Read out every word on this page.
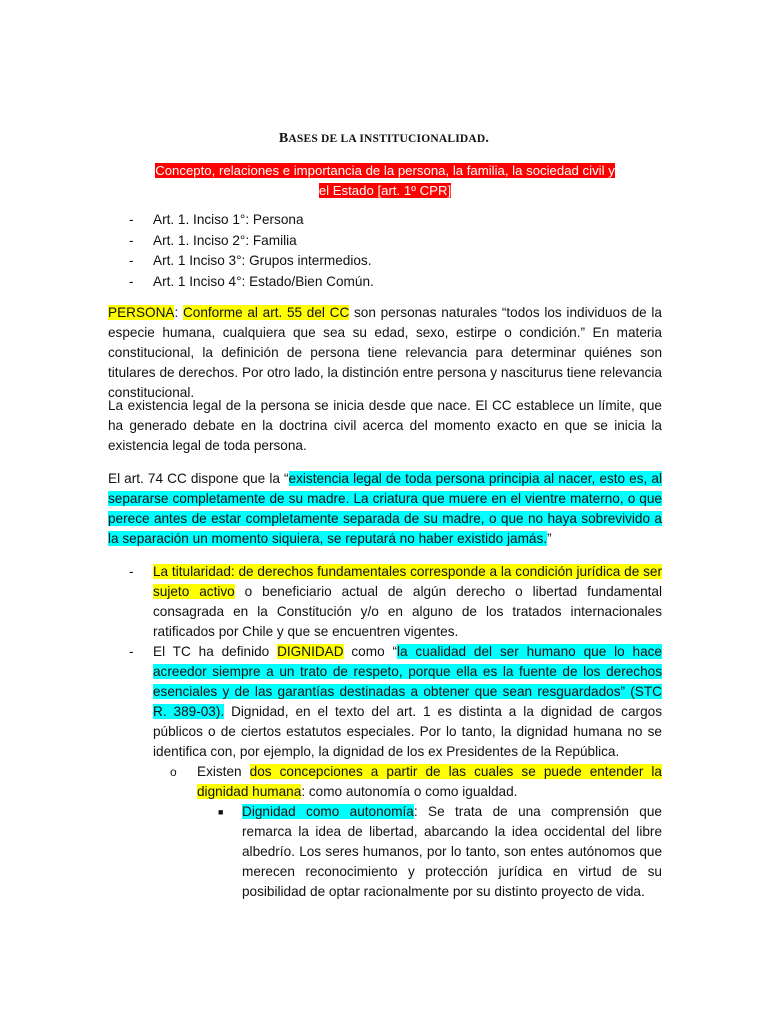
BASES DE LA INSTITUCIONALIDAD.
Concepto, relaciones e importancia de la persona, la familia, la sociedad civil y el Estado [art. 1º CPR]
- Art. 1. Inciso 1°: Persona
- Art. 1. Inciso 2°: Familia
- Art. 1 Inciso 3°: Grupos intermedios.
- Art. 1 Inciso 4°: Estado/Bien Común.
PERSONA: Conforme al art. 55 del CC son personas naturales “todos los individuos de la especie humana, cualquiera que sea su edad, sexo, estirpe o condición.” En materia constitucional, la definición de persona tiene relevancia para determinar quiénes son titulares de derechos. Por otro lado, la distinción entre persona y nasciturus tiene relevancia constitucional.
La existencia legal de la persona se inicia desde que nace. El CC establece un límite, que ha generado debate en la doctrina civil acerca del momento exacto en que se inicia la existencia legal de toda persona.
El art. 74 CC dispone que la “existencia legal de toda persona principia al nacer, esto es, al separarse completamente de su madre. La criatura que muere en el vientre materno, o que perece antes de estar completamente separada de su madre, o que no haya sobrevivido a la separación un momento siquiera, se reputará no haber existido jamás.”
- La titularidad: de derechos fundamentales corresponde a la condición jurídica de ser sujeto activo o beneficiario actual de algún derecho o libertad fundamental consagrada en la Constitución y/o en alguno de los tratados internacionales ratificados por Chile y que se encuentren vigentes.
- El TC ha definido DIGNIDAD como “la cualidad del ser humano que lo hace acreedor siempre a un trato de respeto, porque ella es la fuente de los derechos esenciales y de las garantías destinadas a obtener que sean resguardados” (STC R. 389-03). Dignidad, en el texto del art. 1 es distinta a la dignidad de cargos públicos o de ciertos estatutos especiales. Por lo tanto, la dignidad humana no se identifica con, por ejemplo, la dignidad de los ex Presidentes de la República.
o Existen dos concepciones a partir de las cuales se puede entender la dignidad humana: como autonomía o como igualdad.
■ Dignidad como autonomía: Se trata de una comprensión que remarca la idea de libertad, abarcando la idea occidental del libre albedrío. Los seres humanos, por lo tanto, son entes autónomos que merecen reconocimiento y protección jurídica en virtud de su posibilidad de optar racionalmente por su distinto proyecto de vida.
